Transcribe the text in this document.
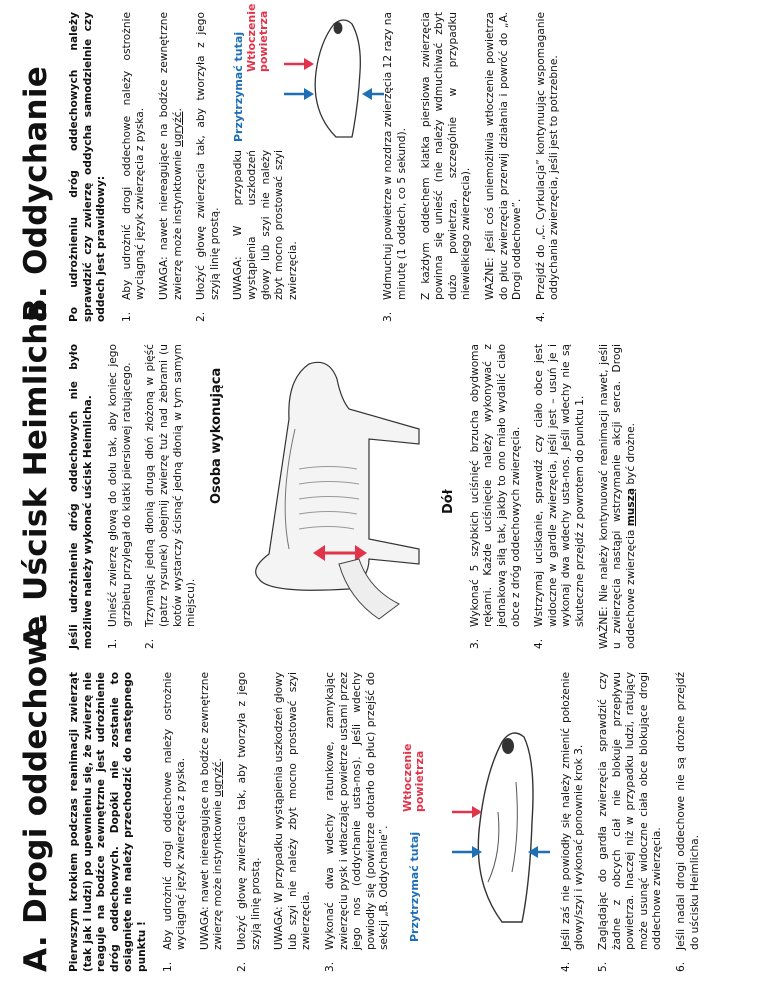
A. Drogi oddechowe Pierwszym krokiem podczas reanimacji zwierząt (tak jak i ludzi) po upewnieniu się, że zwierzę nie reaguje na bodźce zewnętrzne jest udrożnienie dróg oddechowych. Dopóki nie zostanie to osiągnięte nie należy przechodzić do następnego punktu ! 1.
Aby udrożnić drogi oddechowe należy ostrożnie wyciągnąć język zwierzęcia z pyska. UWAGA: nawet niereagujące na bodźce zewnętrzne zwierzę może instynktownie ugryźć.

2.
Ułożyć głowę zwierzęcia tak, aby tworzyła z jego szyją linię prostą. UWAGA: W przypadku wystąpienia uszkodzeń głowy lub szyi nie należy zbyt mocno prostować szyi zwierzęcia.

3.
Wykonać dwa wdechy ratunkowe, zamykając zwierzęciu pysk i wtłaczając powietrze ustami przez jego nos (oddychanie usta-nos). Jeśli wdechy powiodły się (powietrze dotarło do płuc) przejść do sekcji „B. Oddychanie”. Przytrzymać tutaj
Wtłoczenie powietrza
4.
Jeśli zaś nie powiodły się należy zmienić położenie głowy/szyi i wykonać ponownie krok 3.
5.
Zaglądając do gardła zwierzęcia sprawdzić czy żadne z obcych ciał nie blokuje przepływu powietrza. Inaczej niż w przypadku ludzi, ratujący może usunąć widoczne ciała obce blokujące drogi oddechowe zwierzęcia.
6.
Jeśli nadal drogi oddechowe nie są drożne przejdź do uścisku Heimlicha.
A. Uścisk Heimlicha Jeśli udrożnienie dróg oddechowych nie było możliwe należy wykonać uścisk Heimlicha. 1.
Unieść zwierzę głową do dołu tak, aby koniec jego grzbietu przylegał do klatki piersiowej ratującego.
2.
Trzymając jedną dłonią drugą dłoń złożoną w pięść (patrz rysunek) obejmij zwierzę tuż nad żebrami (u kotów wystarczy ścisnąć jedną dłonią w tym samym miejscu).
Osoba wykonująca	Dół
3.
Wykonać 5 szybkich uciśnięć brzucha obydwoma rękami. Każde uciśnięcie należy wykonywać z jednakową siłą tak, jakby to ono miało wydalić ciało obce z dróg oddechowych zwierzęcia.
4.
Wstrzymaj uciskanie, sprawdź czy ciało obce jest widoczne w gardle zwierzęcia, jeśli jest – usuń je i wykonaj dwa wdechy usta-nos. Jeśli wdechy nie są skuteczne przejdź z powrotem do punktu 1. WAŻNE: Nie należy kontynuować reanimacji nawet, jeśli u zwierzęcia nastąpi wstrzymanie akcji serca. Drogi oddechowe zwierzęcia muszą być drożne.

B. Oddychanie Po udrożnieniu dróg oddechowych należy sprawdzić czy zwierzę oddycha samodzielnie czy oddech jest prawidłowy: 1.
Aby udrożnić drogi oddechowe należy ostrożnie wyciągnąć język zwierzęcia z pyska. UWAGA: nawet niereagujące na bodźce zewnętrzne zwierzę może instynktownie ugryźć.

2.
Ułożyć głowę zwierzęcia tak, aby tworzyła z jego szyją linię prostą. UWAGA: W przypadku wystąpienia uszkodzeń głowy lub szyi nie należy zbyt mocno prostować szyi zwierzęcia.

Przytrzymać tutaj Wtłoczenie powietrza
3.
Wdmuchuj powietrze w nozdrza zwierzęcia 12 razy na minutę (1 oddech, co 5 sekund). Z każdym oddechem klatka piersiowa zwierzęcia powinna się unieść (nie należy wdmuchiwać zbyt dużo powietrza, szczególnie w przypadku niewielkiego zwierzęcia). WAŻNE: Jeśli coś uniemożliwia wtłoczenie powietrza do płuc zwierzęcia przerwij działania i powróć do „A. Drogi oddechowe”.

4.
Przejdź do „C. Cyrkulacja” kontynuując wspomaganie oddychania zwierzęcia, jeśli jest to potrzebne.
